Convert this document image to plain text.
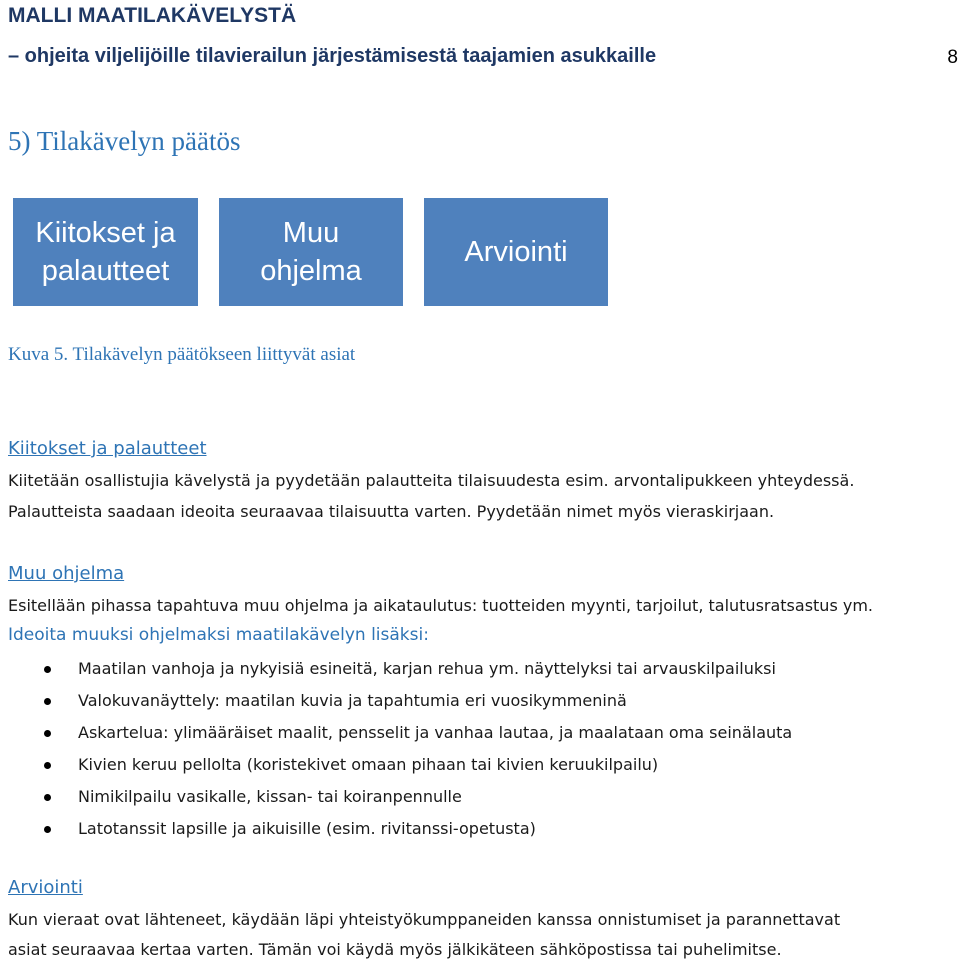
MALLI MAATILAKÄVELYSTÄ
– ohjeita viljelijöille tilavierailun järjestämisestä taajamien asukkaille	8
5) Tilakävelyn päätös
Kiitokset ja
palautteet
Muu
ohjelma
Arviointi
Kuva 5. Tilakävelyn päätökseen liittyvät asiat
Kiitokset ja palautteet
Kiitetään osallistujia kävelystä ja pyydetään palautteita tilaisuudesta esim. arvontalipukkeen yhteydessä.
Palautteista saadaan ideoita seuraavaa tilaisuutta varten. Pyydetään nimet myös vieraskirjaan.
Muu ohjelma
Esitellään pihassa tapahtuva muu ohjelma ja aikataulutus: tuotteiden myynti, tarjoilut, talutusratsastus ym.
Ideoita muuksi ohjelmaksi maatilakävelyn lisäksi:
Maatilan vanhoja ja nykyisiä esineitä, karjan rehua ym. näyttelyksi tai arvauskilpailuksi
Valokuvanäyttely: maatilan kuvia ja tapahtumia eri vuosikymmeninä
Askartelua: ylimääräiset maalit, pensselit ja vanhaa lautaa, ja maalataan oma seinälauta
Kivien keruu pellolta (koristekivet omaan pihaan tai kivien keruukilpailu)
Nimikilpailu vasikalle, kissan- tai koiranpennulle
Latotanssit lapsille ja aikuisille (esim. rivitanssi-opetusta)
Arviointi
Kun vieraat ovat lähteneet, käydään läpi yhteistyökumppaneiden kanssa onnistumiset ja parannettavat
asiat seuraavaa kertaa varten. Tämän voi käydä myös jälkikäteen sähköpostissa tai puhelimitse.
